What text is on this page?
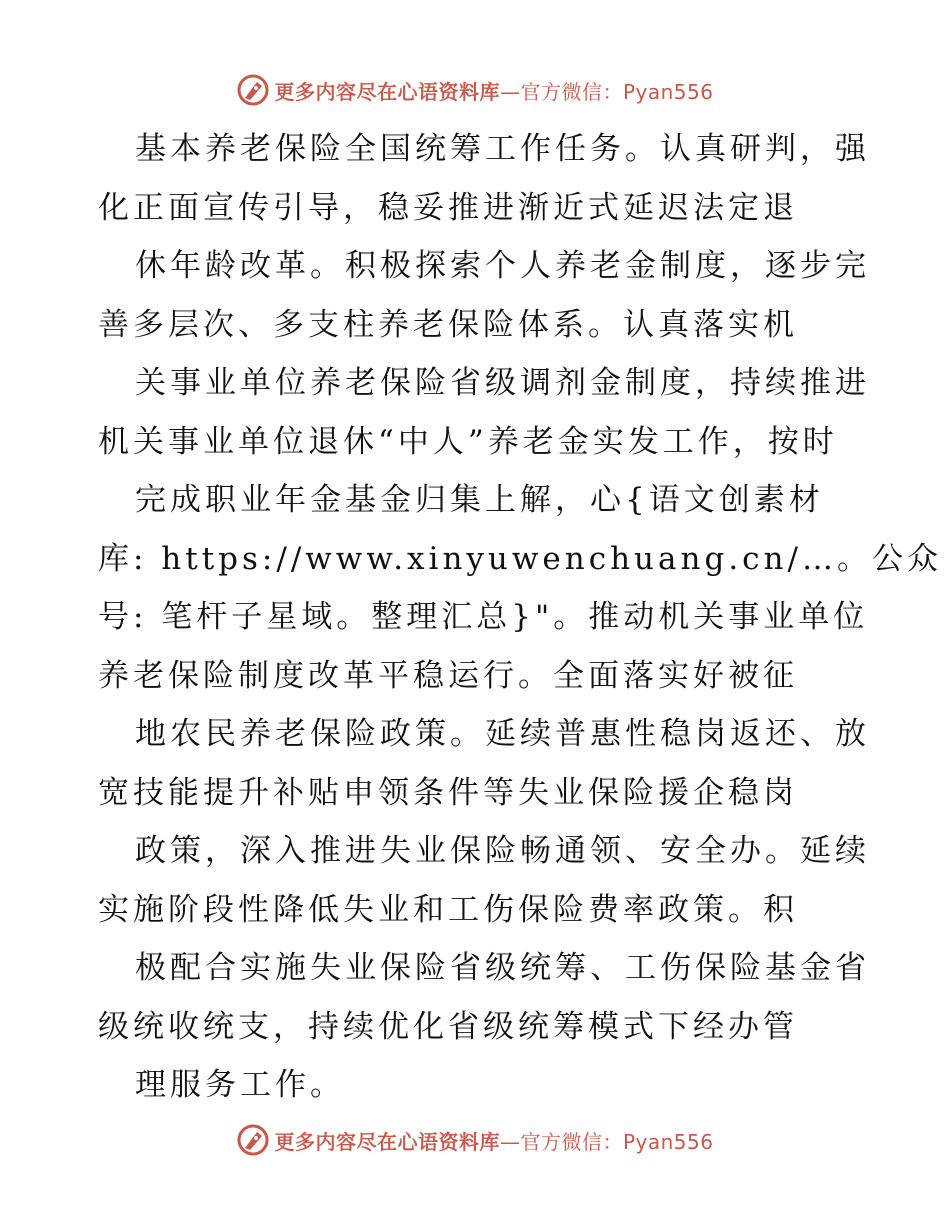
更多内容尽在心语资料库—官方微信：Pyan556
基本养老保险全国统筹工作任务。认真研判，强
化正面宣传引导，稳妥推进渐近式延迟法定退
休年龄改革。积极探索个人养老金制度，逐步完
善多层次、多支柱养老保险体系。认真落实机
关事业单位养老保险省级调剂金制度，持续推进
机关事业单位退休“中人”养老金实发工作，按时
完成职业年金基金归集上解，心{语文创素材
库: https://www.xinyuwenchuang.cn/…。公众
号: 笔杆子星域。整理汇总}"。推动机关事业单位
养老保险制度改革平稳运行。全面落实好被征
地农民养老保险政策。延续普惠性稳岗返还、放
宽技能提升补贴申领条件等失业保险援企稳岗
政策，深入推进失业保险畅通领、安全办。延续
实施阶段性降低失业和工伤保险费率政策。积
极配合实施失业保险省级统筹、工伤保险基金省
级统收统支，持续优化省级统筹模式下经办管
理服务工作。
更多内容尽在心语资料库—官方微信：Pyan556
